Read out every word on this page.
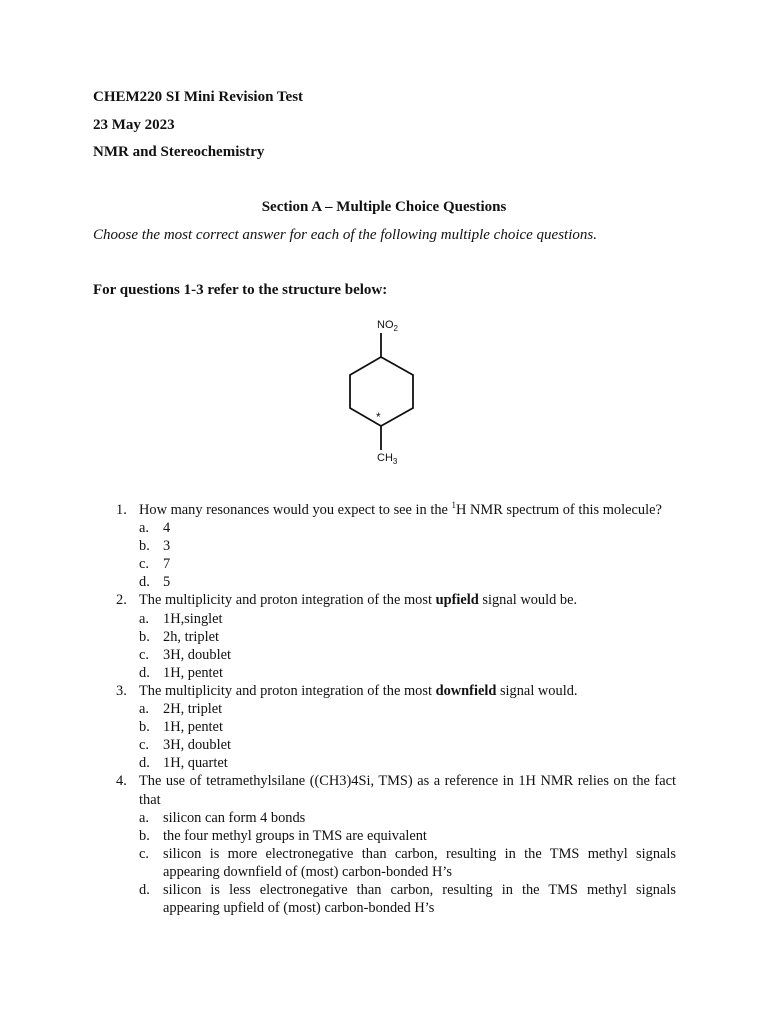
CHEM220 SI Mini Revision Test
23 May 2023
NMR and Stereochemistry
Section A – Multiple Choice Questions
Choose the most correct answer for each of the following multiple choice questions.
For questions 1-3 refer to the structure below:
$NO_2$
*
$CH_3$
1. How many resonances would you expect to see in the $^1$H NMR spectrum of this molecule?
a. 4
b. 3
c. 7
d. 5
2. The multiplicity and proton integration of the most upfield signal would be.
a. 1H,singlet
b. 2h, triplet
c. 3H, doublet
d. 1H, pentet
3. The multiplicity and proton integration of the most downfield signal would.
a. 2H, triplet
b. 1H, pentet
c. 3H, doublet
d. 1H, quartet
4. The use of tetramethylsilane ((CH3)4Si, TMS) as a reference in 1H NMR relies on the fact that
a. silicon can form 4 bonds
b. the four methyl groups in TMS are equivalent
c. silicon is more electronegative than carbon, resulting in the TMS methyl signals appearing downfield of (most) carbon-bonded H’s
d. silicon is less electronegative than carbon, resulting in the TMS methyl signals appearing upfield of (most) carbon-bonded H’s
